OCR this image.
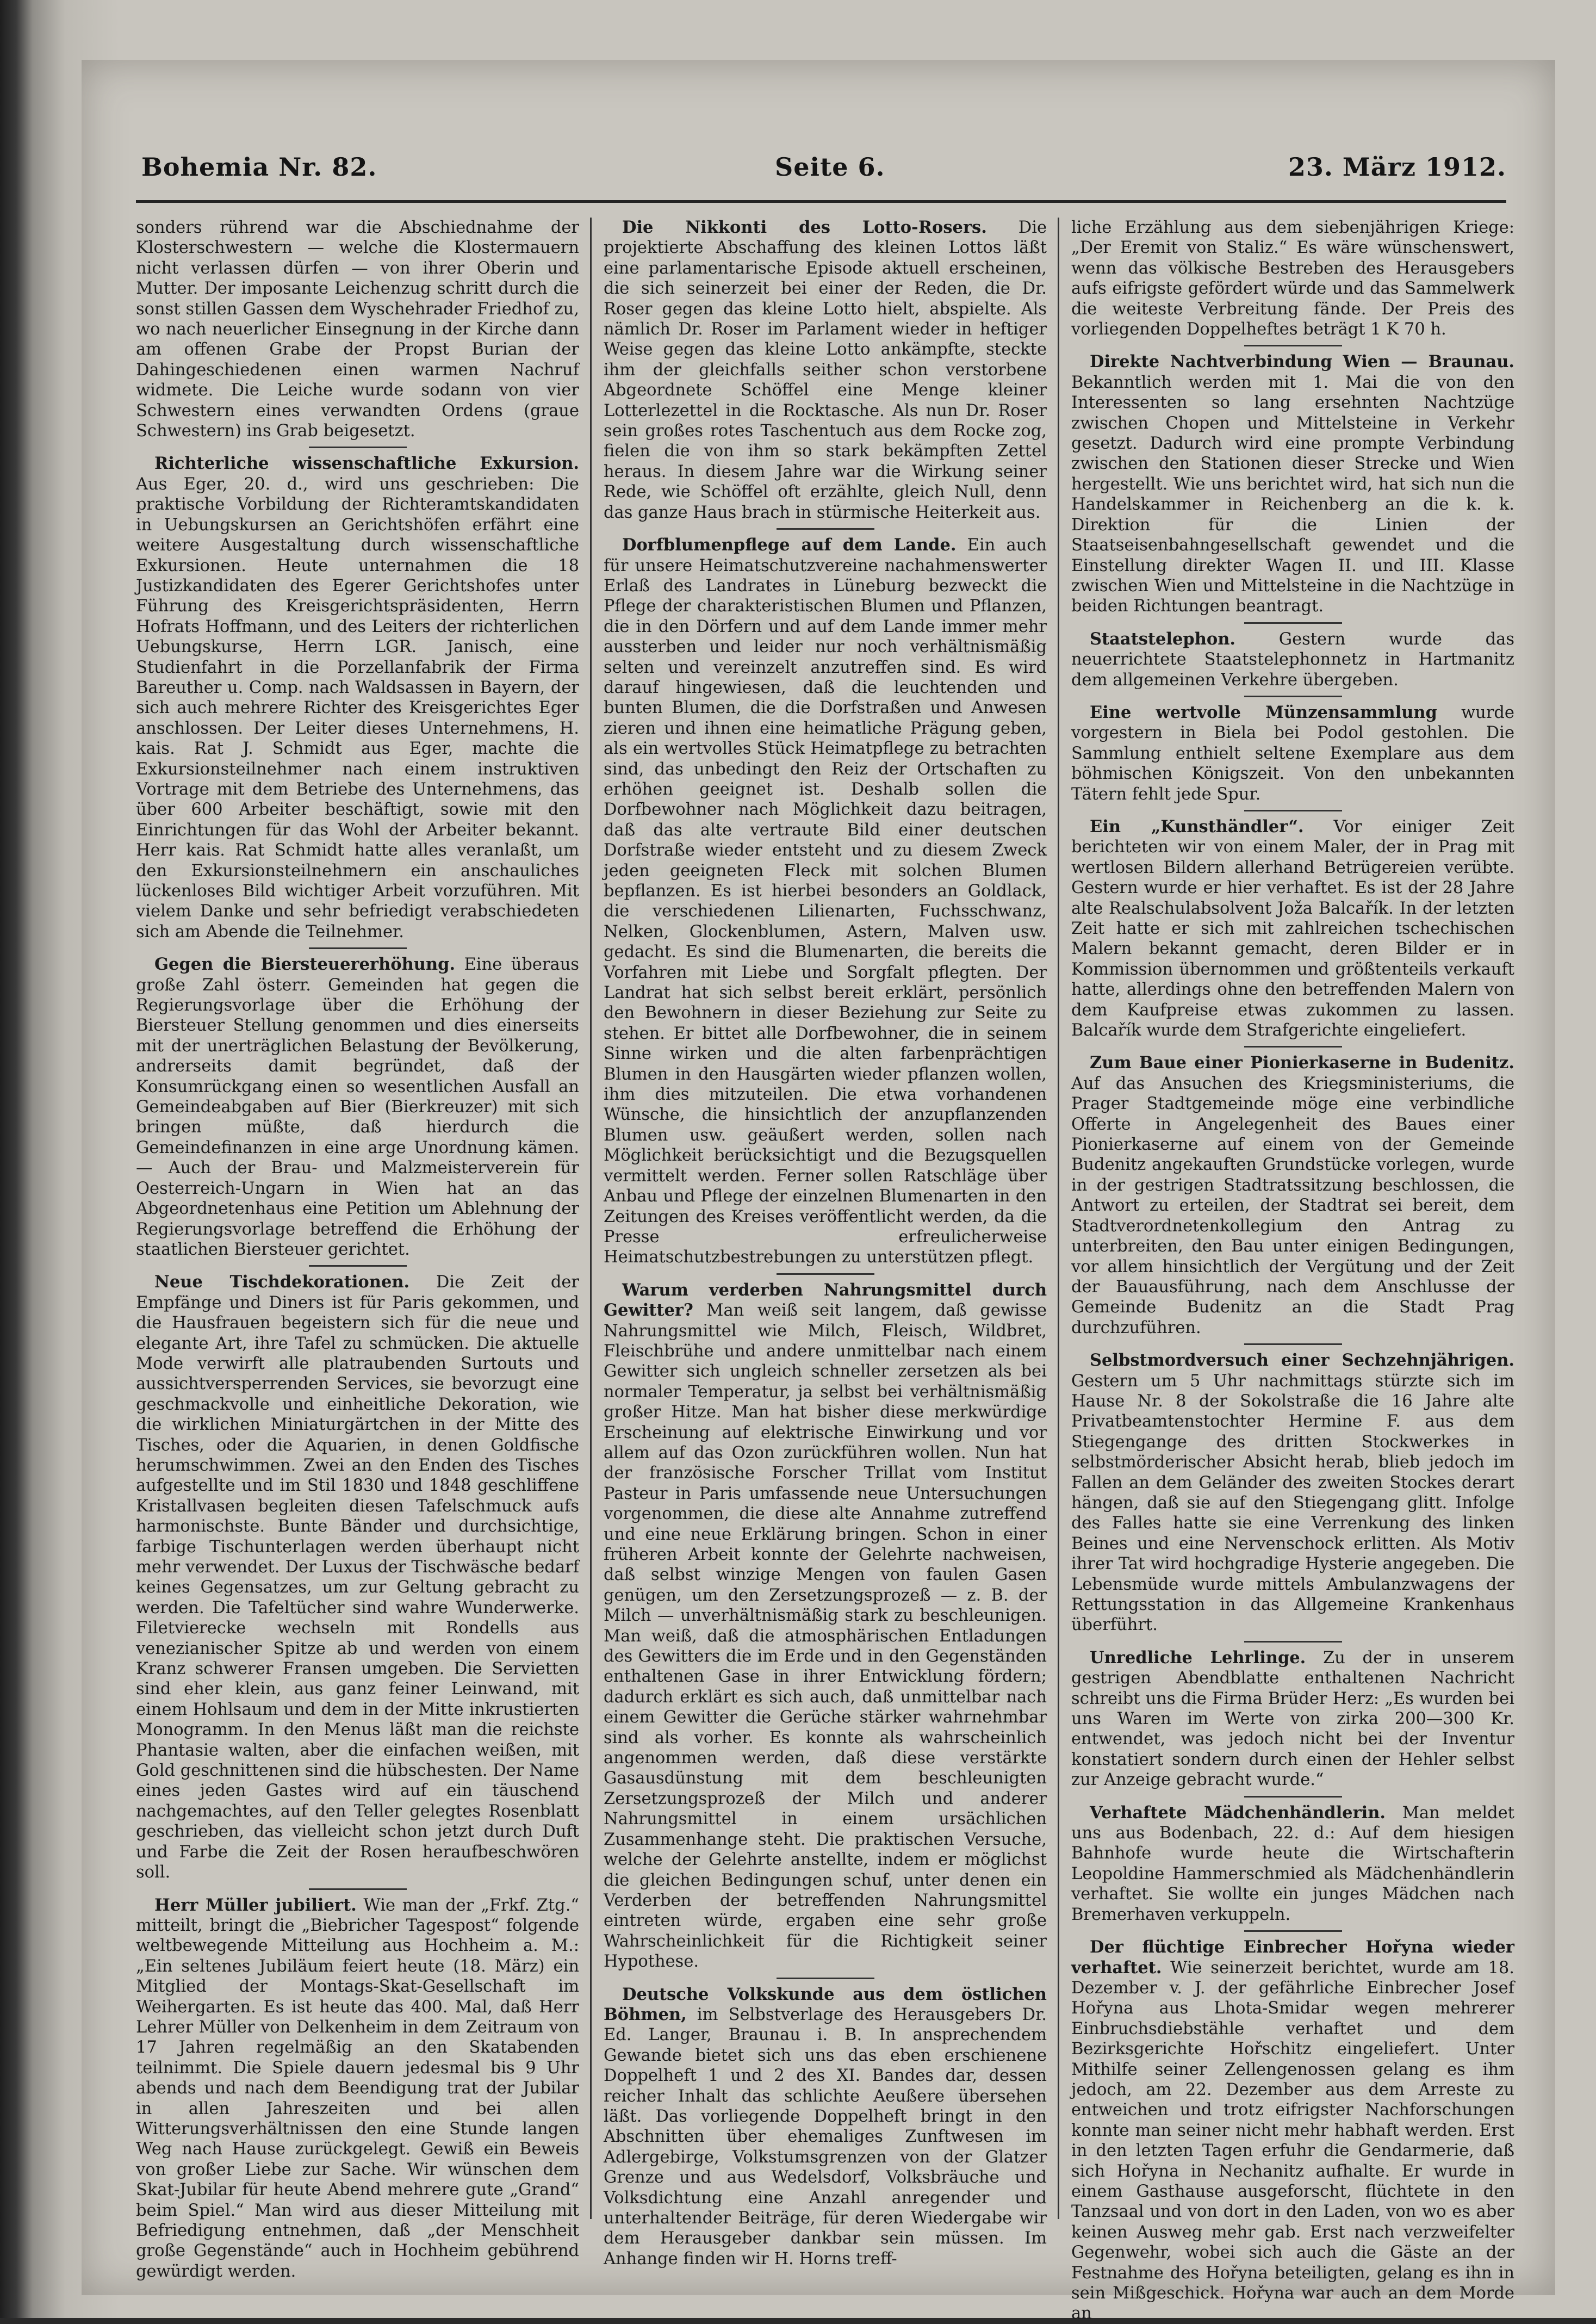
Bohemia Nr. 82.	Seite 6.	23. März 1912.

sonders rührend war die Abschiednahme der Klosterschwestern — welche die Klostermauern nicht verlassen dürfen — von ihrer Oberin und Mutter. Der imposante Leichenzug schritt durch die sonst stillen Gassen dem Wyschehrader Friedhof zu, wo nach neuerlicher Einsegnung in der Kirche dann am offenen Grabe der Propst Burian der Dahingeschiedenen einen warmen Nachruf widmete. Die Leiche wurde sodann von vier Schwestern eines verwandten Ordens (graue Schwestern) ins Grab beigesetzt.

Richterliche wissenschaftliche Exkursion. Aus Eger, 20. d., wird uns geschrieben: Die praktische Vorbildung der Richteramtskandidaten in Uebungskursen an Gerichtshöfen erfährt eine weitere Ausgestaltung durch wissenschaftliche Exkursionen. Heute unternahmen die 18 Justizkandidaten des Egerer Gerichtshofes unter Führung des Kreisgerichtspräsidenten, Herrn Hofrats Hoffmann, und des Leiters der richterlichen Uebungskurse, Herrn LGR. Janisch, eine Studienfahrt in die Porzellanfabrik der Firma Bareuther u. Comp. nach Waldsassen in Bayern, der sich auch mehrere Richter des Kreisgerichtes Eger anschlossen. Der Leiter dieses Unternehmens, H. kais. Rat J. Schmidt aus Eger, machte die Exkursionsteilnehmer nach einem instruktiven Vortrage mit dem Betriebe des Unternehmens, das über 600 Arbeiter beschäftigt, sowie mit den Einrichtungen für das Wohl der Arbeiter bekannt. Herr kais. Rat Schmidt hatte alles veranlaßt, um den Exkursionsteilnehmern ein anschauliches lückenloses Bild wichtiger Arbeit vorzuführen. Mit vielem Danke und sehr befriedigt verabschiedeten sich am Abende die Teilnehmer.

Gegen die Biersteuererhöhung. Eine überaus große Zahl österr. Gemeinden hat gegen die Regierungsvorlage über die Erhöhung der Biersteuer Stellung genommen und dies einerseits mit der unerträglichen Belastung der Bevölkerung, andrerseits damit begründet, daß der Konsumrückgang einen so wesentlichen Ausfall an Gemeindeabgaben auf Bier (Bierkreuzer) mit sich bringen müßte, daß hierdurch die Gemeindefinanzen in eine arge Unordnung kämen. — Auch der Brau- und Malzmeisterverein für Oesterreich-Ungarn in Wien hat an das Abgeordnetenhaus eine Petition um Ablehnung der Regierungsvorlage betreffend die Erhöhung der staatlichen Biersteuer gerichtet.

Neue Tischdekorationen. Die Zeit der Empfänge und Diners ist für Paris gekommen, und die Hausfrauen begeistern sich für die neue und elegante Art, ihre Tafel zu schmücken. Die aktuelle Mode verwirft alle platraubenden Surtouts und aussichtversperrenden Services, sie bevorzugt eine geschmackvolle und einheitliche Dekoration, wie die wirklichen Miniaturgärtchen in der Mitte des Tisches, oder die Aquarien, in denen Goldfische herumschwimmen. Zwei an den Enden des Tisches aufgestellte und im Stil 1830 und 1848 geschliffene Kristallvasen begleiten diesen Tafelschmuck aufs harmonischste. Bunte Bänder und durchsichtige, farbige Tischunterlagen werden überhaupt nicht mehr verwendet. Der Luxus der Tischwäsche bedarf keines Gegensatzes, um zur Geltung gebracht zu werden. Die Tafeltücher sind wahre Wunderwerke. Filetvierecke wechseln mit Rondells aus venezianischer Spitze ab und werden von einem Kranz schwerer Fransen umgeben. Die Servietten sind eher klein, aus ganz feiner Leinwand, mit einem Hohlsaum und dem in der Mitte inkrustierten Monogramm. In den Menus läßt man die reichste Phantasie walten, aber die einfachen weißen, mit Gold geschnittenen sind die hübschesten. Der Name eines jeden Gastes wird auf ein täuschend nachgemachtes, auf den Teller gelegtes Rosenblatt geschrieben, das vielleicht schon jetzt durch Duft und Farbe die Zeit der Rosen heraufbeschwören soll.

Herr Müller jubiliert. Wie man der „Frkf. Ztg.“ mitteilt, bringt die „Biebricher Tagespost“ folgende weltbewegende Mitteilung aus Hochheim a. M.: „Ein seltenes Jubiläum feiert heute (18. März) ein Mitglied der Montags-Skat-Gesellschaft im Weihergarten. Es ist heute das 400. Mal, daß Herr Lehrer Müller von Delkenheim in dem Zeitraum von 17 Jahren regelmäßig an den Skatabenden teilnimmt. Die Spiele dauern jedesmal bis 9 Uhr abends und nach dem Beendigung trat der Jubilar in allen Jahreszeiten und bei allen Witterungsverhältnissen den eine Stunde langen Weg nach Hause zurückgelegt. Gewiß ein Beweis von großer Liebe zur Sache. Wir wünschen dem Skat-Jubilar für heute Abend mehrere gute „Grand“ beim Spiel.“ Man wird aus dieser Mitteilung mit Befriedigung entnehmen, daß „der Menschheit große Gegenstände“ auch in Hochheim gebührend gewürdigt werden.

Die Nikkonti des Lotto-Rosers. Die projektierte Abschaffung des kleinen Lottos läßt eine parlamentarische Episode aktuell erscheinen, die sich seinerzeit bei einer der Reden, die Dr. Roser gegen das kleine Lotto hielt, abspielte. Als nämlich Dr. Roser im Parlament wieder in heftiger Weise gegen das kleine Lotto ankämpfte, steckte ihm der gleichfalls seither schon verstorbene Abgeordnete Schöffel eine Menge kleiner Lotterlezettel in die Rocktasche. Als nun Dr. Roser sein großes rotes Taschentuch aus dem Rocke zog, fielen die von ihm so stark bekämpften Zettel heraus. In diesem Jahre war die Wirkung seiner Rede, wie Schöffel oft erzählte, gleich Null, denn das ganze Haus brach in stürmische Heiterkeit aus.

Dorfblumenpflege auf dem Lande. Ein auch für unsere Heimatschutzvereine nachahmenswerter Erlaß des Landrates in Lüneburg bezweckt die Pflege der charakteristischen Blumen und Pflanzen, die in den Dörfern und auf dem Lande immer mehr aussterben und leider nur noch verhältnismäßig selten und vereinzelt anzutreffen sind. Es wird darauf hingewiesen, daß die leuchtenden und bunten Blumen, die die Dorfstraßen und Anwesen zieren und ihnen eine heimatliche Prägung geben, als ein wertvolles Stück Heimatpflege zu betrachten sind, das unbedingt den Reiz der Ortschaften zu erhöhen geeignet ist. Deshalb sollen die Dorfbewohner nach Möglichkeit dazu beitragen, daß das alte vertraute Bild einer deutschen Dorfstraße wieder entsteht und zu diesem Zweck jeden geeigneten Fleck mit solchen Blumen bepflanzen. Es ist hierbei besonders an Goldlack, die verschiedenen Lilienarten, Fuchsschwanz, Nelken, Glockenblumen, Astern, Malven usw. gedacht. Es sind die Blumenarten, die bereits die Vorfahren mit Liebe und Sorgfalt pflegten. Der Landrat hat sich selbst bereit erklärt, persönlich den Bewohnern in dieser Beziehung zur Seite zu stehen. Er bittet alle Dorfbewohner, die in seinem Sinne wirken und die alten farbenprächtigen Blumen in den Hausgärten wieder pflanzen wollen, ihm dies mitzuteilen. Die etwa vorhandenen Wünsche, die hinsichtlich der anzupflanzenden Blumen usw. geäußert werden, sollen nach Möglichkeit berücksichtigt und die Bezugsquellen vermittelt werden. Ferner sollen Ratschläge über Anbau und Pflege der einzelnen Blumenarten in den Zeitungen des Kreises veröffentlicht werden, da die Presse erfreulicherweise Heimatschutzbestrebungen zu unterstützen pflegt.

Warum verderben Nahrungsmittel durch Gewitter? Man weiß seit langem, daß gewisse Nahrungsmittel wie Milch, Fleisch, Wildbret, Fleischbrühe und andere unmittelbar nach einem Gewitter sich ungleich schneller zersetzen als bei normaler Temperatur, ja selbst bei verhältnismäßig großer Hitze. Man hat bisher diese merkwürdige Erscheinung auf elektrische Einwirkung und vor allem auf das Ozon zurückführen wollen. Nun hat der französische Forscher Trillat vom Institut Pasteur in Paris umfassende neue Untersuchungen vorgenommen, die diese alte Annahme zutreffend und eine neue Erklärung bringen. Schon in einer früheren Arbeit konnte der Gelehrte nachweisen, daß selbst winzige Mengen von faulen Gasen genügen, um den Zersetzungsprozeß — z. B. der Milch — unverhältnismäßig stark zu beschleunigen. Man weiß, daß die atmosphärischen Entladungen des Gewitters die im Erde und in den Gegenständen enthaltenen Gase in ihrer Entwicklung fördern; dadurch erklärt es sich auch, daß unmittelbar nach einem Gewitter die Gerüche stärker wahrnehmbar sind als vorher. Es konnte als wahrscheinlich angenommen werden, daß diese verstärkte Gasausdünstung mit dem beschleunigten Zersetzungsprozeß der Milch und anderer Nahrungsmittel in einem ursächlichen Zusammenhange steht. Die praktischen Versuche, welche der Gelehrte anstellte, indem er möglichst die gleichen Bedingungen schuf, unter denen ein Verderben der betreffenden Nahrungsmittel eintreten würde, ergaben eine sehr große Wahrscheinlichkeit für die Richtigkeit seiner Hypothese.

Deutsche Volkskunde aus dem östlichen Böhmen, im Selbstverlage des Herausgebers Dr. Ed. Langer, Braunau i. B. In ansprechendem Gewande bietet sich uns das eben erschienene Doppelheft 1 und 2 des XI. Bandes dar, dessen reicher Inhalt das schlichte Aeußere übersehen läßt. Das vorliegende Doppelheft bringt in den Abschnitten über ehemaliges Zunftwesen im Adlergebirge, Volkstumsgrenzen von der Glatzer Grenze und aus Wedelsdorf, Volksbräuche und Volksdichtung eine Anzahl anregender und unterhaltender Beiträge, für deren Wiedergabe wir dem Herausgeber dankbar sein müssen. Im Anhange finden wir H. Horns treff-

liche Erzählung aus dem siebenjährigen Kriege: „Der Eremit von Staliz.“ Es wäre wünschenswert, wenn das völkische Bestreben des Herausgebers aufs eifrigste gefördert würde und das Sammelwerk die weiteste Verbreitung fände. Der Preis des vorliegenden Doppelheftes beträgt 1 K 70 h.

Direkte Nachtverbindung Wien — Braunau. Bekanntlich werden mit 1. Mai die von den Interessenten so lang ersehnten Nachtzüge zwischen Chopen und Mittelsteine in Verkehr gesetzt. Dadurch wird eine prompte Verbindung zwischen den Stationen dieser Strecke und Wien hergestellt. Wie uns berichtet wird, hat sich nun die Handelskammer in Reichenberg an die k. k. Direktion für die Linien der Staatseisenbahngesellschaft gewendet und die Einstellung direkter Wagen II. und III. Klasse zwischen Wien und Mittelsteine in die Nachtzüge in beiden Richtungen beantragt.

Staatstelephon.	Gestern wurde das neuerrichtete Staatstelephonnetz in Hartmanitz dem allgemeinen Verkehre übergeben.

Eine wertvolle Münzensammlung wurde vorgestern in Biela bei Podol gestohlen. Die Sammlung enthielt seltene Exemplare aus dem böhmischen Königszeit. Von den unbekannten Tätern fehlt jede Spur.

Ein „Kunsthändler“. Vor einiger Zeit berichteten wir von einem Maler, der in Prag mit wertlosen Bildern allerhand Betrügereien verübte. Gestern wurde er hier verhaftet. Es ist der 28 Jahre alte Realschulabsolvent Joža Balcařík. In der letzten Zeit hatte er sich mit zahlreichen tschechischen Malern bekannt gemacht, deren Bilder er in Kommission übernommen und größtenteils verkauft hatte, allerdings ohne den betreffenden Malern von dem Kaufpreise etwas zukommen zu lassen. Balcařík wurde dem Strafgerichte eingeliefert.

Zum Baue einer Pionierkaserne in Budenitz. Auf das Ansuchen des Kriegsministeriums, die Prager Stadtgemeinde möge eine verbindliche Offerte in Angelegenheit des Baues einer Pionierkaserne auf einem von der Gemeinde Budenitz angekauften Grundstücke vorlegen, wurde in der gestrigen Stadtratssitzung beschlossen, die Antwort zu erteilen, der Stadtrat sei bereit, dem Stadtverordnetenkollegium den Antrag zu unterbreiten, den Bau unter einigen Bedingungen, vor allem hinsichtlich der Vergütung und der Zeit der Bauausführung, nach dem Anschlusse der Gemeinde Budenitz an die Stadt Prag durchzuführen.

Selbstmordversuch einer Sechzehnjährigen. Gestern um 5 Uhr nachmittags stürzte sich im Hause Nr. 8 der Sokolstraße die 16 Jahre alte Privatbeamtenstochter Hermine F. aus dem Stiegengange des dritten Stockwerkes in selbstmörderischer Absicht herab, blieb jedoch im Fallen an dem Geländer des zweiten Stockes derart hängen, daß sie auf den Stiegengang glitt. Infolge des Falles hatte sie eine Verrenkung des linken Beines und eine Nervenschock erlitten. Als Motiv ihrer Tat wird hochgradige Hysterie angegeben. Die Lebensmüde wurde mittels Ambulanzwagens der Rettungsstation in das Allgemeine Krankenhaus überführt.

Unredliche Lehrlinge. Zu der in unserem gestrigen Abendblatte enthaltenen Nachricht schreibt uns die Firma Brüder Herz: „Es wurden bei uns Waren im Werte von zirka 200—300 Kr. entwendet, was jedoch nicht bei der Inventur konstatiert sondern durch einen der Hehler selbst zur Anzeige gebracht wurde.“

Verhaftete Mädchenhändlerin. Man meldet uns aus Bodenbach, 22. d.: Auf dem hiesigen Bahnhofe wurde heute die Wirtschafterin Leopoldine Hammerschmied als Mädchenhändlerin verhaftet. Sie wollte ein junges Mädchen nach Bremerhaven verkuppeln.

Der flüchtige Einbrecher Hořyna wieder verhaftet. Wie seinerzeit berichtet, wurde am 18. Dezember v. J. der gefährliche Einbrecher Josef Hořyna aus Lhota-Smidar wegen mehrerer Einbruchsdiebstähle verhaftet und dem Bezirksgerichte Hořschitz eingeliefert. Unter Mithilfe seiner Zellengenossen gelang es ihm jedoch, am 22. Dezember aus dem Arreste zu entweichen und trotz eifrigster Nachforschungen konnte man seiner nicht mehr habhaft werden. Erst in den letzten Tagen erfuhr die Gendarmerie, daß sich Hořyna in Nechanitz aufhalte. Er wurde in einem Gasthause ausgeforscht, flüchtete in den Tanzsaal und von dort in den Laden, von wo es aber keinen Ausweg mehr gab. Erst nach verzweifelter Gegenwehr, wobei sich auch die Gäste an der Festnahme des Hořyna beteiligten, gelang es ihn in sein Mißgeschick. Hořyna war auch an dem Morde an
